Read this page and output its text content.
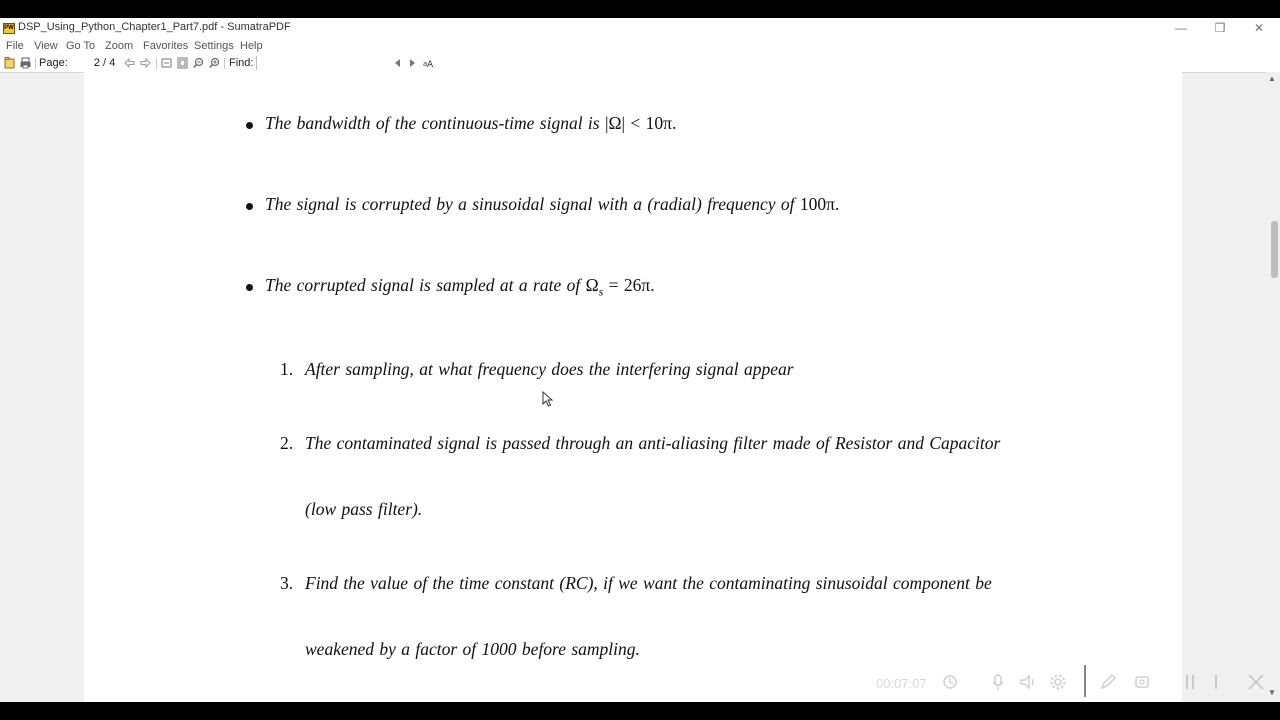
PW DSP_Using_Python_Chapter1_Part7.pdf - SumatraPDF	—	❐	✕
File View Go To Zoom Favorites Settings Help
Page:
2	/ 4	Find:	a A
The bandwidth of the continuous-time signal is |Ω| < 10π.
The signal is corrupted by a sinusoidal signal with a (radial) frequency of 100π.
The corrupted signal is sampled at a rate of $\Omega_s = 26\pi$.
1. After sampling, at what frequency does the interfering signal appear
2. The contaminated signal is passed through an anti-aliasing filter made of Resistor and Capacitor
(low pass filter).
3. Find the value of the time constant (RC), if we want the contaminating sinusoidal component be
weakened by a factor of 1000 before sampling.
▲
▼
00:07:07
